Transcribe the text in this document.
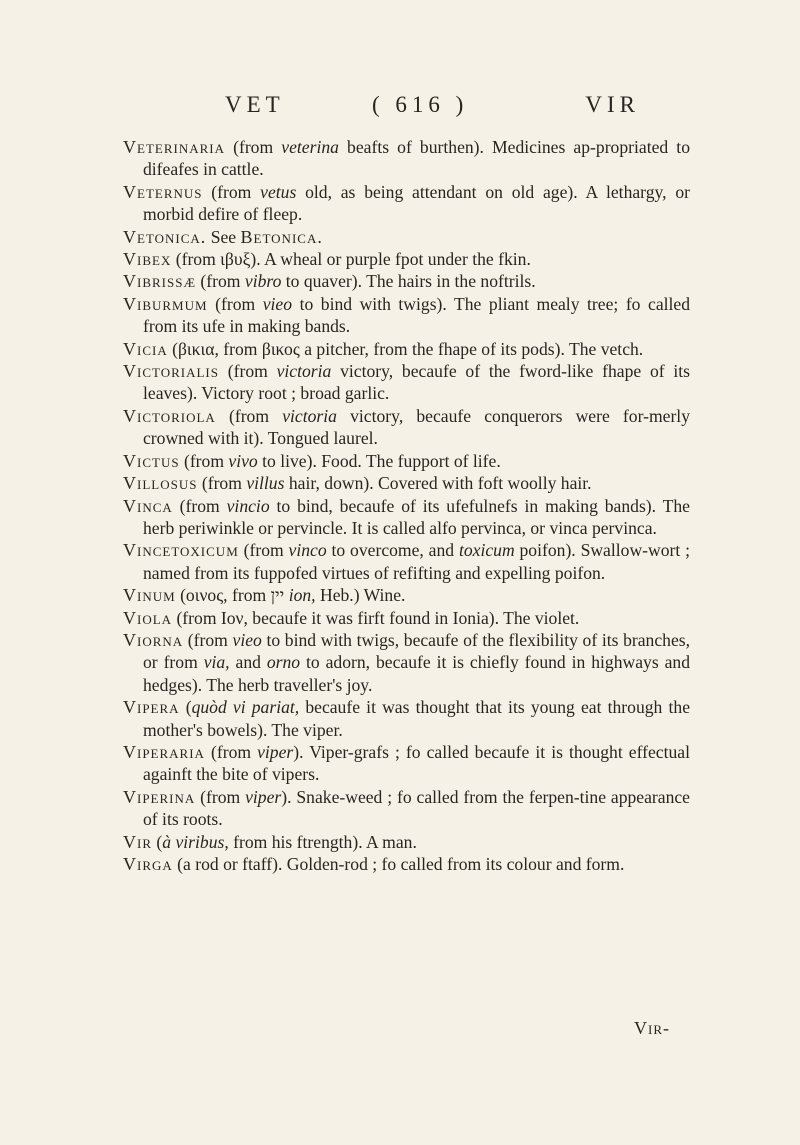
VET	( 616 )	VIR

Veterinaria (from veterina beafts of burthen). Medicines ap-propriated to difeafes in cattle.

Veternus (from vetus old, as being attendant on old age). A lethargy, or morbid defire of fleep.

Vetonica. See Betonica.

Vibex (from ιβυξ). A wheal or purple fpot under the fkin.

Vibrissæ (from vibro to quaver). The hairs in the noftrils.

Viburmum (from vieo to bind with twigs). The pliant mealy tree; fo called from its ufe in making bands.

Vicia (βικια, from βικος a pitcher, from the fhape of its pods). The vetch.

Victorialis (from victoria victory, becaufe of the fword-like fhape of its leaves). Victory root ; broad garlic.

Victoriola (from victoria victory, becaufe conquerors were for-merly crowned with it). Tongued laurel.

Victus (from vivo to live). Food. The fupport of life.

Villosus (from villus hair, down). Covered with foft woolly hair.

Vinca (from vincio to bind, becaufe of its ufefulnefs in making bands). The herb periwinkle or pervincle. It is called alfo pervinca, or vinca pervinca.

Vincetoxicum (from vinco to overcome, and toxicum poifon). Swallow-wort ; named from its fuppofed virtues of refifting and expelling poifon.

Vinum (οινος, from יין ion, Heb.) Wine.

Viola (from Ιον, becaufe it was firft found in Ionia). The violet.

Viorna (from vieo to bind with twigs, becaufe of the flexibility of its branches, or from via, and orno to adorn, becaufe it is chiefly found in highways and hedges). The herb traveller's joy.

Vipera (quòd vi pariat, becaufe it was thought that its young eat through the mother's bowels). The viper.

Viperaria (from viper). Viper-grafs ; fo called becaufe it is thought effectual againft the bite of vipers.

Viperina (from viper). Snake-weed ; fo called from the ferpen-tine appearance of its roots.

Vir (à viribus, from his ftrength). A man.

Virga (a rod or ftaff). Golden-rod ; fo called from its colour and form.

Vir-
